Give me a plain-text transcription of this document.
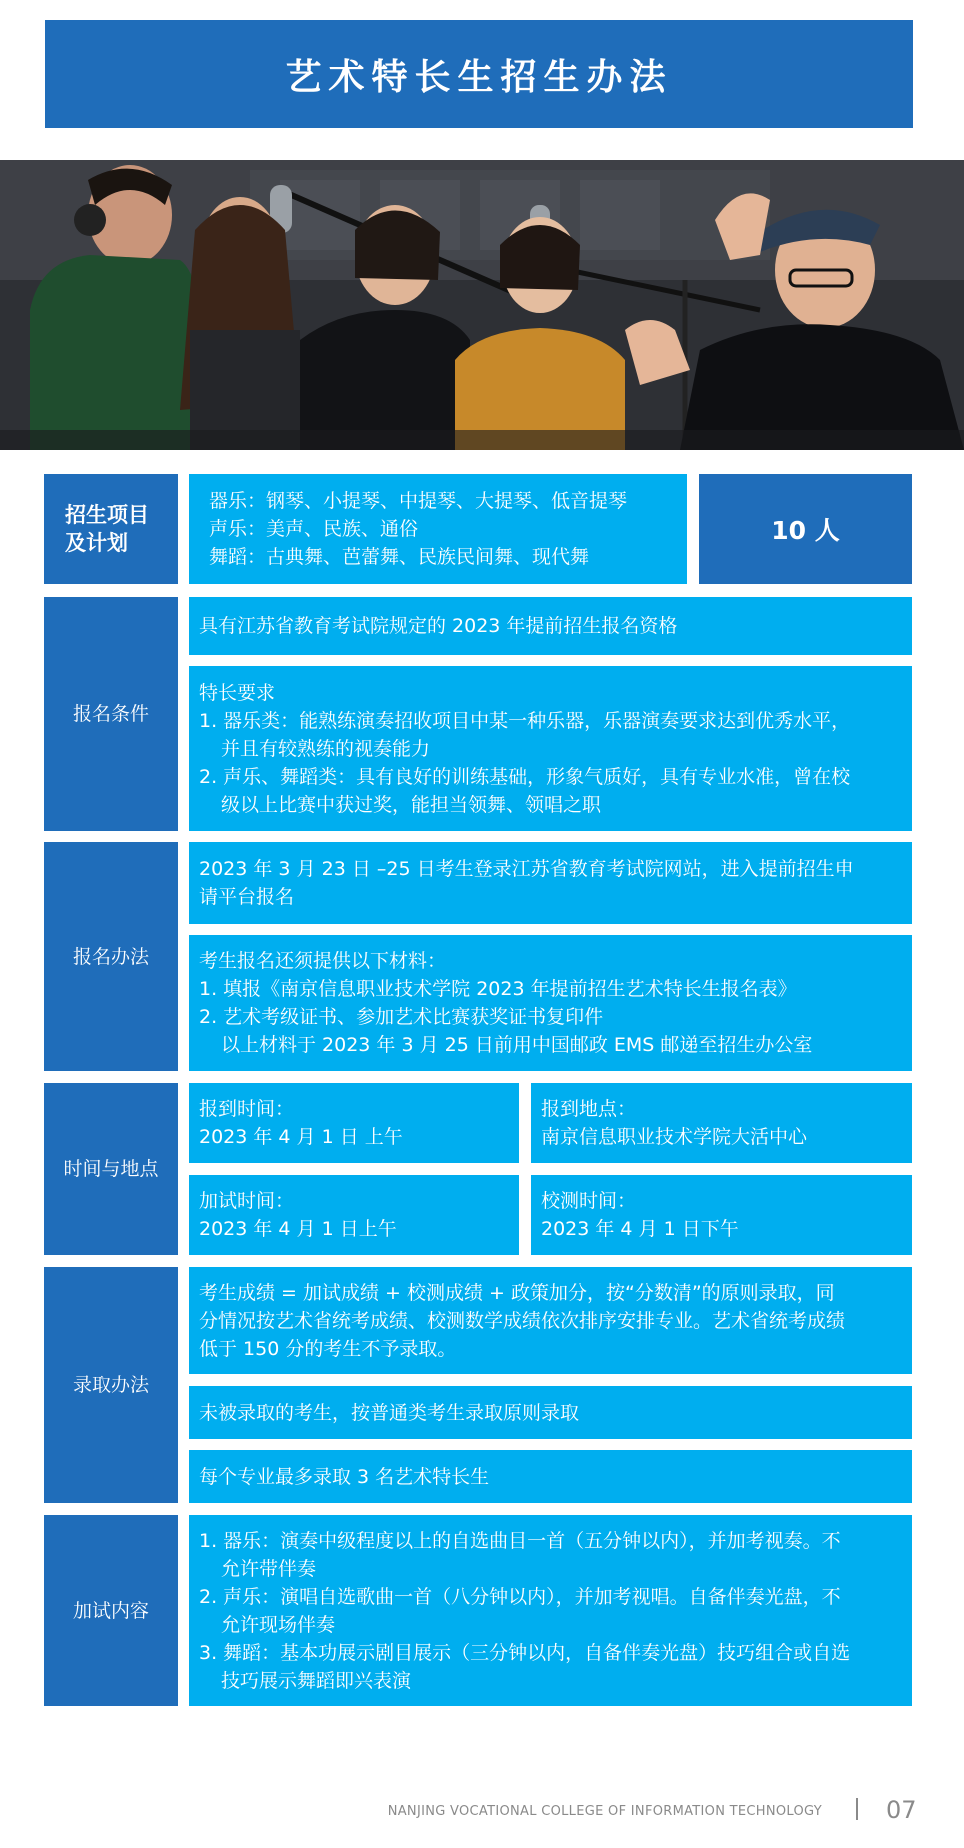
艺术特长生招生办法
招生项目
及计划
器乐：钢琴、小提琴、中提琴、大提琴、低音提琴
声乐：美声、民族、通俗
舞蹈：古典舞、芭蕾舞、民族民间舞、现代舞
10 人
报名条件
具有江苏省教育考试院规定的 2023 年提前招生报名资格
特长要求
1. 器乐类：能熟练演奏招收项目中某一种乐器，乐器演奏要求达到优秀水平，
并且有较熟练的视奏能力
2. 声乐、舞蹈类：具有良好的训练基础，形象气质好，具有专业水准，曾在校
级以上比赛中获过奖，能担当领舞、领唱之职
报名办法
2023 年 3 月 23 日 –25 日考生登录江苏省教育考试院网站，进入提前招生申
请平台报名
考生报名还须提供以下材料：
1. 填报《南京信息职业技术学院 2023 年提前招生艺术特长生报名表》
2. 艺术考级证书、参加艺术比赛获奖证书复印件
以上材料于 2023 年 3 月 25 日前用中国邮政 EMS 邮递至招生办公室
时间与地点
报到时间：
2023 年 4 月 1 日 上午
报到地点：
南京信息职业技术学院大活中心
加试时间：
2023 年 4 月 1 日上午
校测时间：
2023 年 4 月 1 日下午
录取办法
考生成绩 = 加试成绩 + 校测成绩 + 政策加分，按“分数清”的原则录取，同
分情况按艺术省统考成绩、校测数学成绩依次排序安排专业。艺术省统考成绩
低于 150 分的考生不予录取。
未被录取的考生，按普通类考生录取原则录取
每个专业最多录取 3 名艺术特长生
加试内容
1. 器乐：演奏中级程度以上的自选曲目一首（五分钟以内），并加考视奏。不
允许带伴奏
2. 声乐：演唱自选歌曲一首（八分钟以内），并加考视唱。自备伴奏光盘，不
允许现场伴奏
3. 舞蹈：基本功展示剧目展示（三分钟以内，自备伴奏光盘）技巧组合或自选
技巧展示舞蹈即兴表演
NANJING VOCATIONAL COLLEGE OF INFORMATION TECHNOLOGY	07
